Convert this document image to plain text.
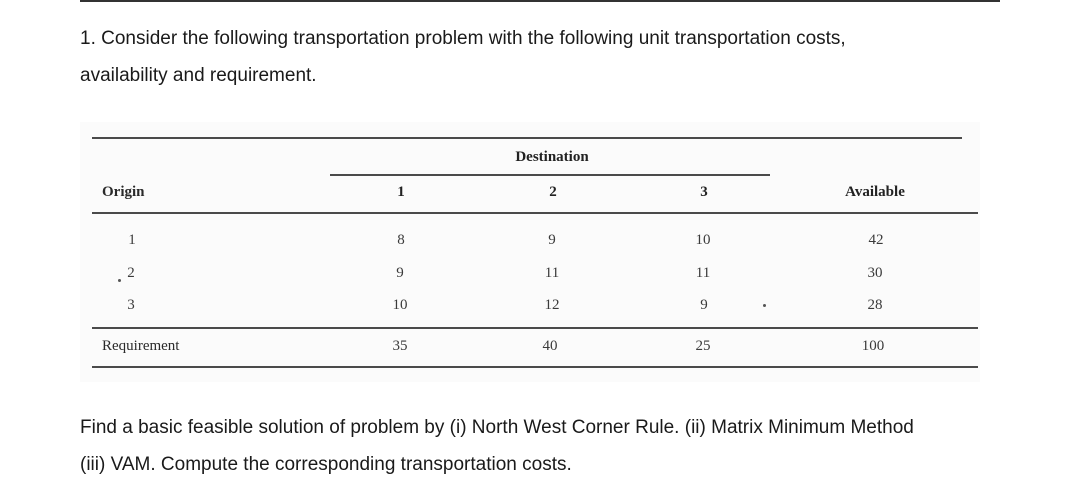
1. Consider the following transportation problem with the following unit transportation costs,
availability and requirement.
Destination
Origin	1	2	3	Available
1	8	9	10	42
2	9	11	11	30
3	10	12	9	28
Requirement	35	40	25	100
Find a basic feasible solution of problem by (i) North West Corner Rule. (ii) Matrix Minimum Method
(iii) VAM. Compute the corresponding transportation costs.
